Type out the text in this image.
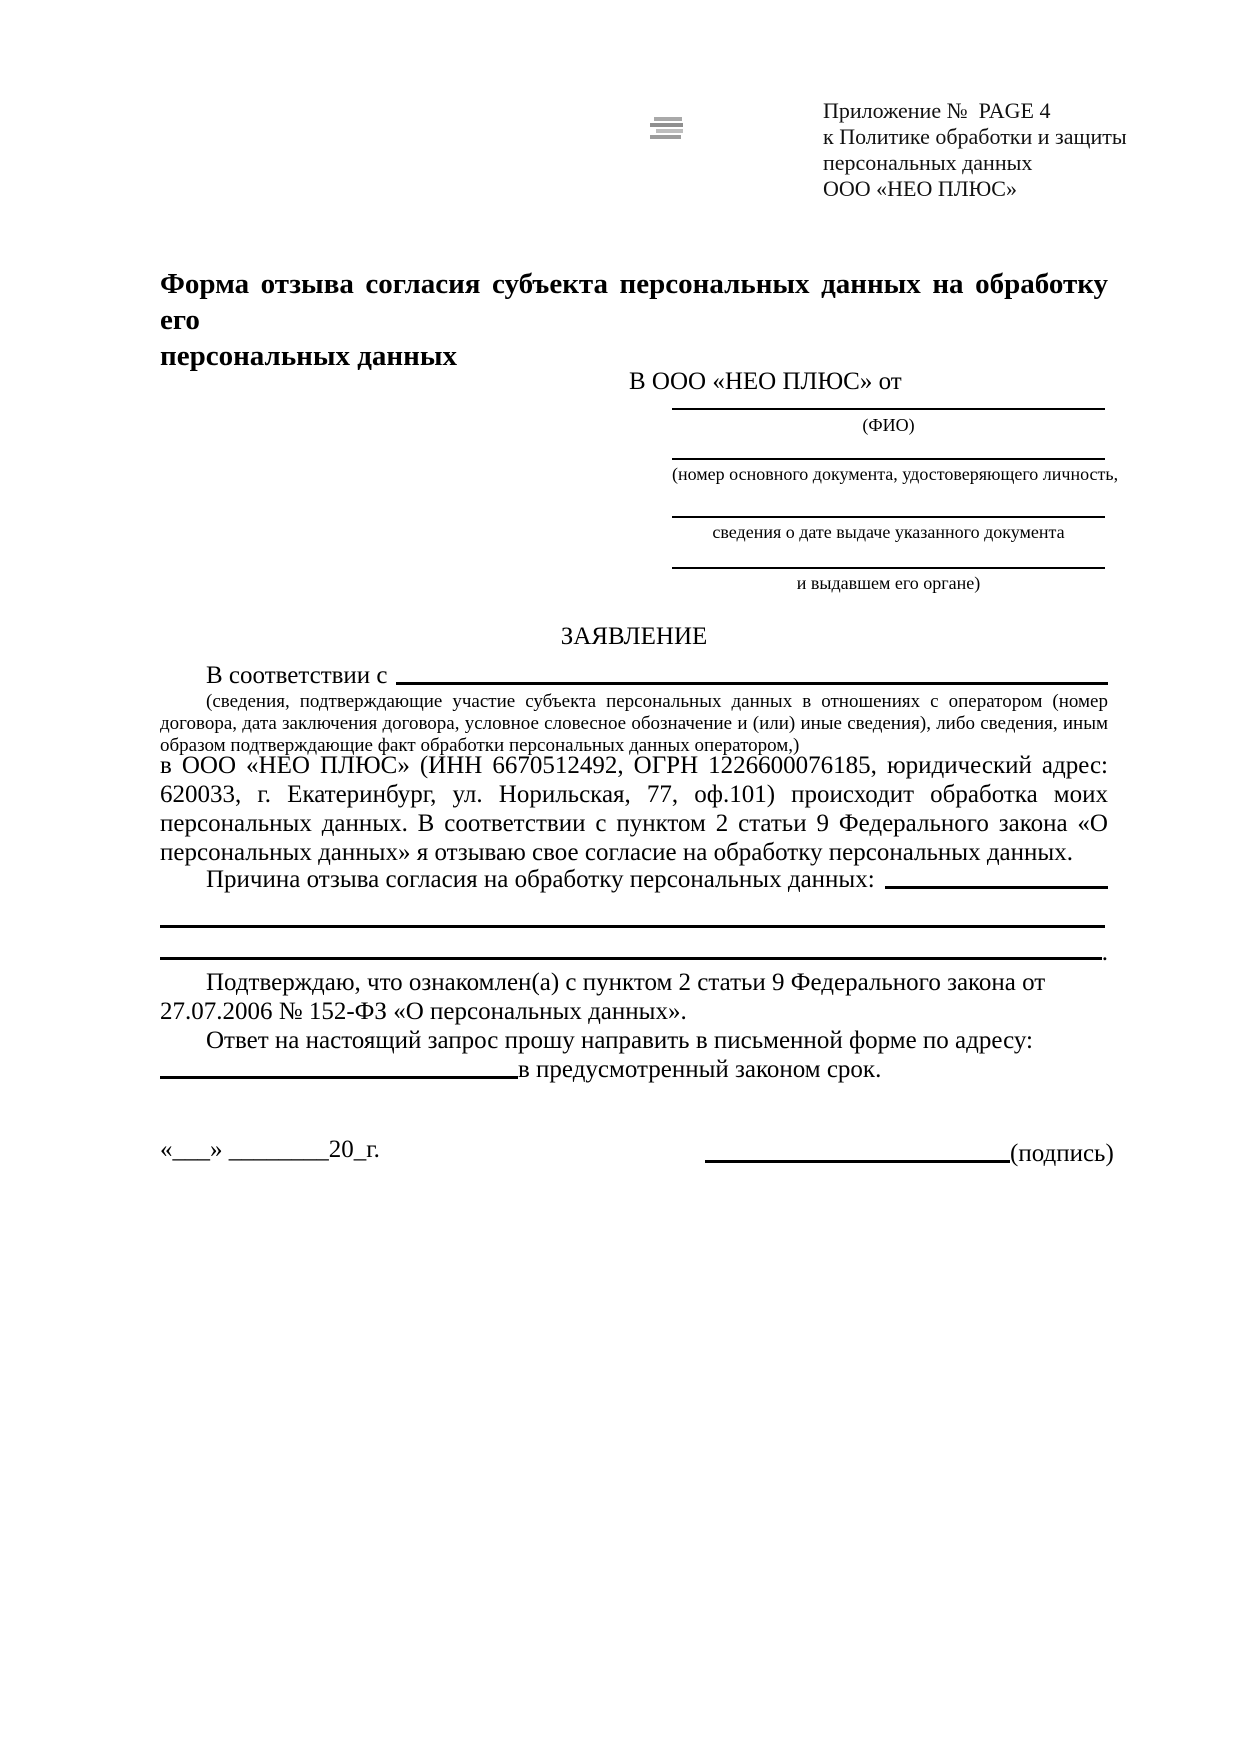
Приложение №  PAGE 4
к Политике обработки и защиты
персональных данных
ООО «НЕО ПЛЮС»
Форма отзыва согласия субъекта персональных данных на обработку его
персональных данных
В ООО «НЕО ПЛЮС» от
(ФИО)
(номер основного документа, удостоверяющего личность,
сведения о дате выдаче указанного документа
и выдавшем его органе)
ЗАЯВЛЕНИЕ
В соответствии с
(сведения, подтверждающие участие субъекта персональных данных в отношениях с оператором (номер договора, дата заключения договора, условное словесное обозначение и (или) иные сведения), либо сведения, иным образом подтверждающие факт обработки персональных данных оператором,)
в ООО «НЕО ПЛЮС» (ИНН 6670512492, ОГРН 1226600076185, юридический адрес:
620033, г. Екатеринбург, ул. Норильская, 77, оф.101) происходит обработка моих
персональных данных. В соответствии с пунктом 2 статьи 9 Федерального закона «О
персональных данных» я отзываю свое согласие на обработку персональных данных.
Причина отзыва согласия на обработку персональных данных:
.
Подтверждаю, что ознакомлен(а) с пунктом 2 статьи 9 Федерального закона от
27.07.2006 № 152-ФЗ «О персональных данных».
Ответ на настоящий запрос прошу направить в письменной форме по адресу:
в предусмотренный законом срок.
«___» ________20_г.	(подпись)
